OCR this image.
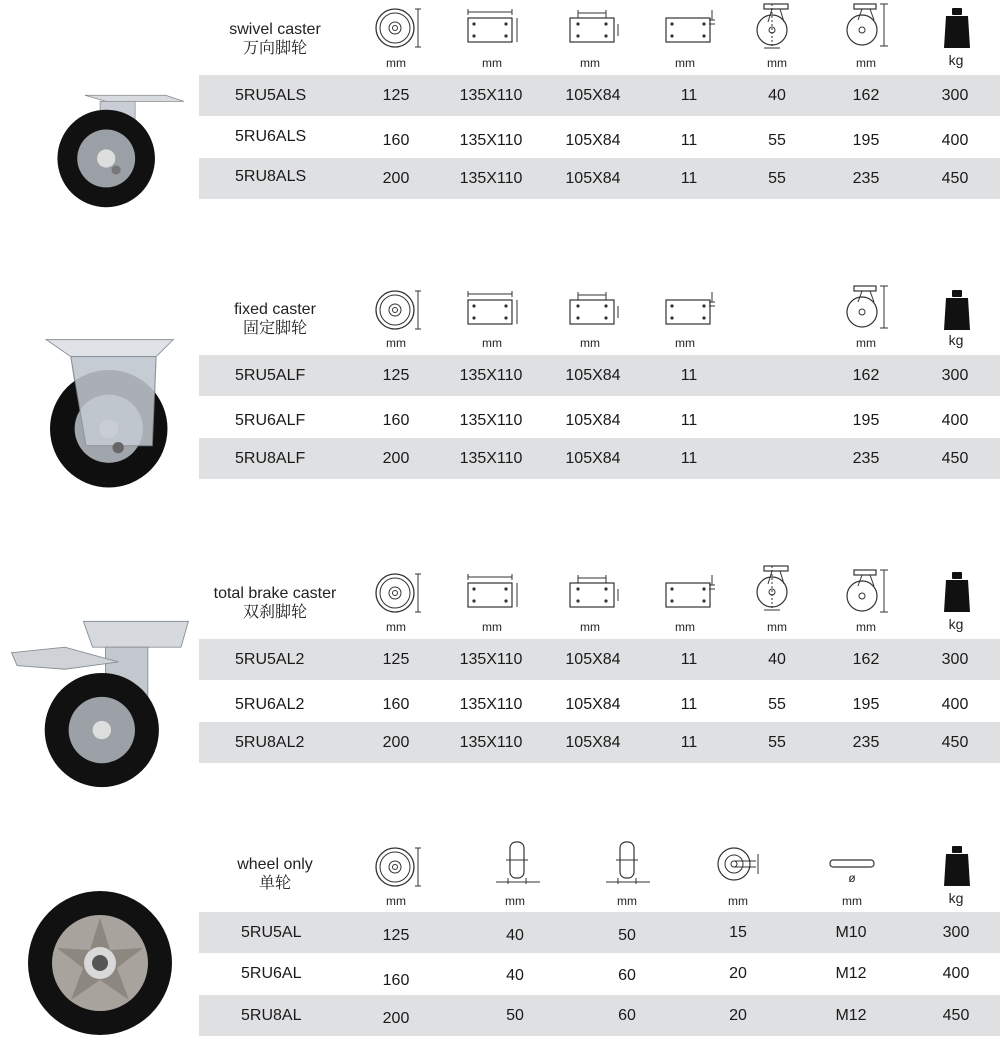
swivel caster
万向脚轮
mm	mm	mm	mm	mm	mm	kg
5RU5ALS	125	135X110	105X84	11	40	162	300
5RU6ALS	160	135X110	105X84	11	55	195	400
5RU8ALS	200	135X110	105X84	11	55	235	450
fixed caster
固定脚轮
mm	mm	mm	mm	mm	kg
5RU5ALF	125	135X110	105X84	11	162	300
5RU6ALF	160	135X110	105X84	11	195	400
5RU8ALF	200	135X110	105X84	11	235	450
total brake caster
双刹脚轮
mm	mm	mm	mm	mm	mm	kg
5RU5AL2	125	135X110	105X84	11	40	162	300
5RU6AL2	160	135X110	105X84	11	55	195	400
5RU8AL2	200	135X110	105X84	11	55	235	450
wheel only
单轮	ø
mm	mm	mm	mm	mm	kg
5RU5AL	125	40	50	15	M10	300
5RU6AL	160	40	60	20	M12	400
5RU8AL	200	50	60	20	M12	450
